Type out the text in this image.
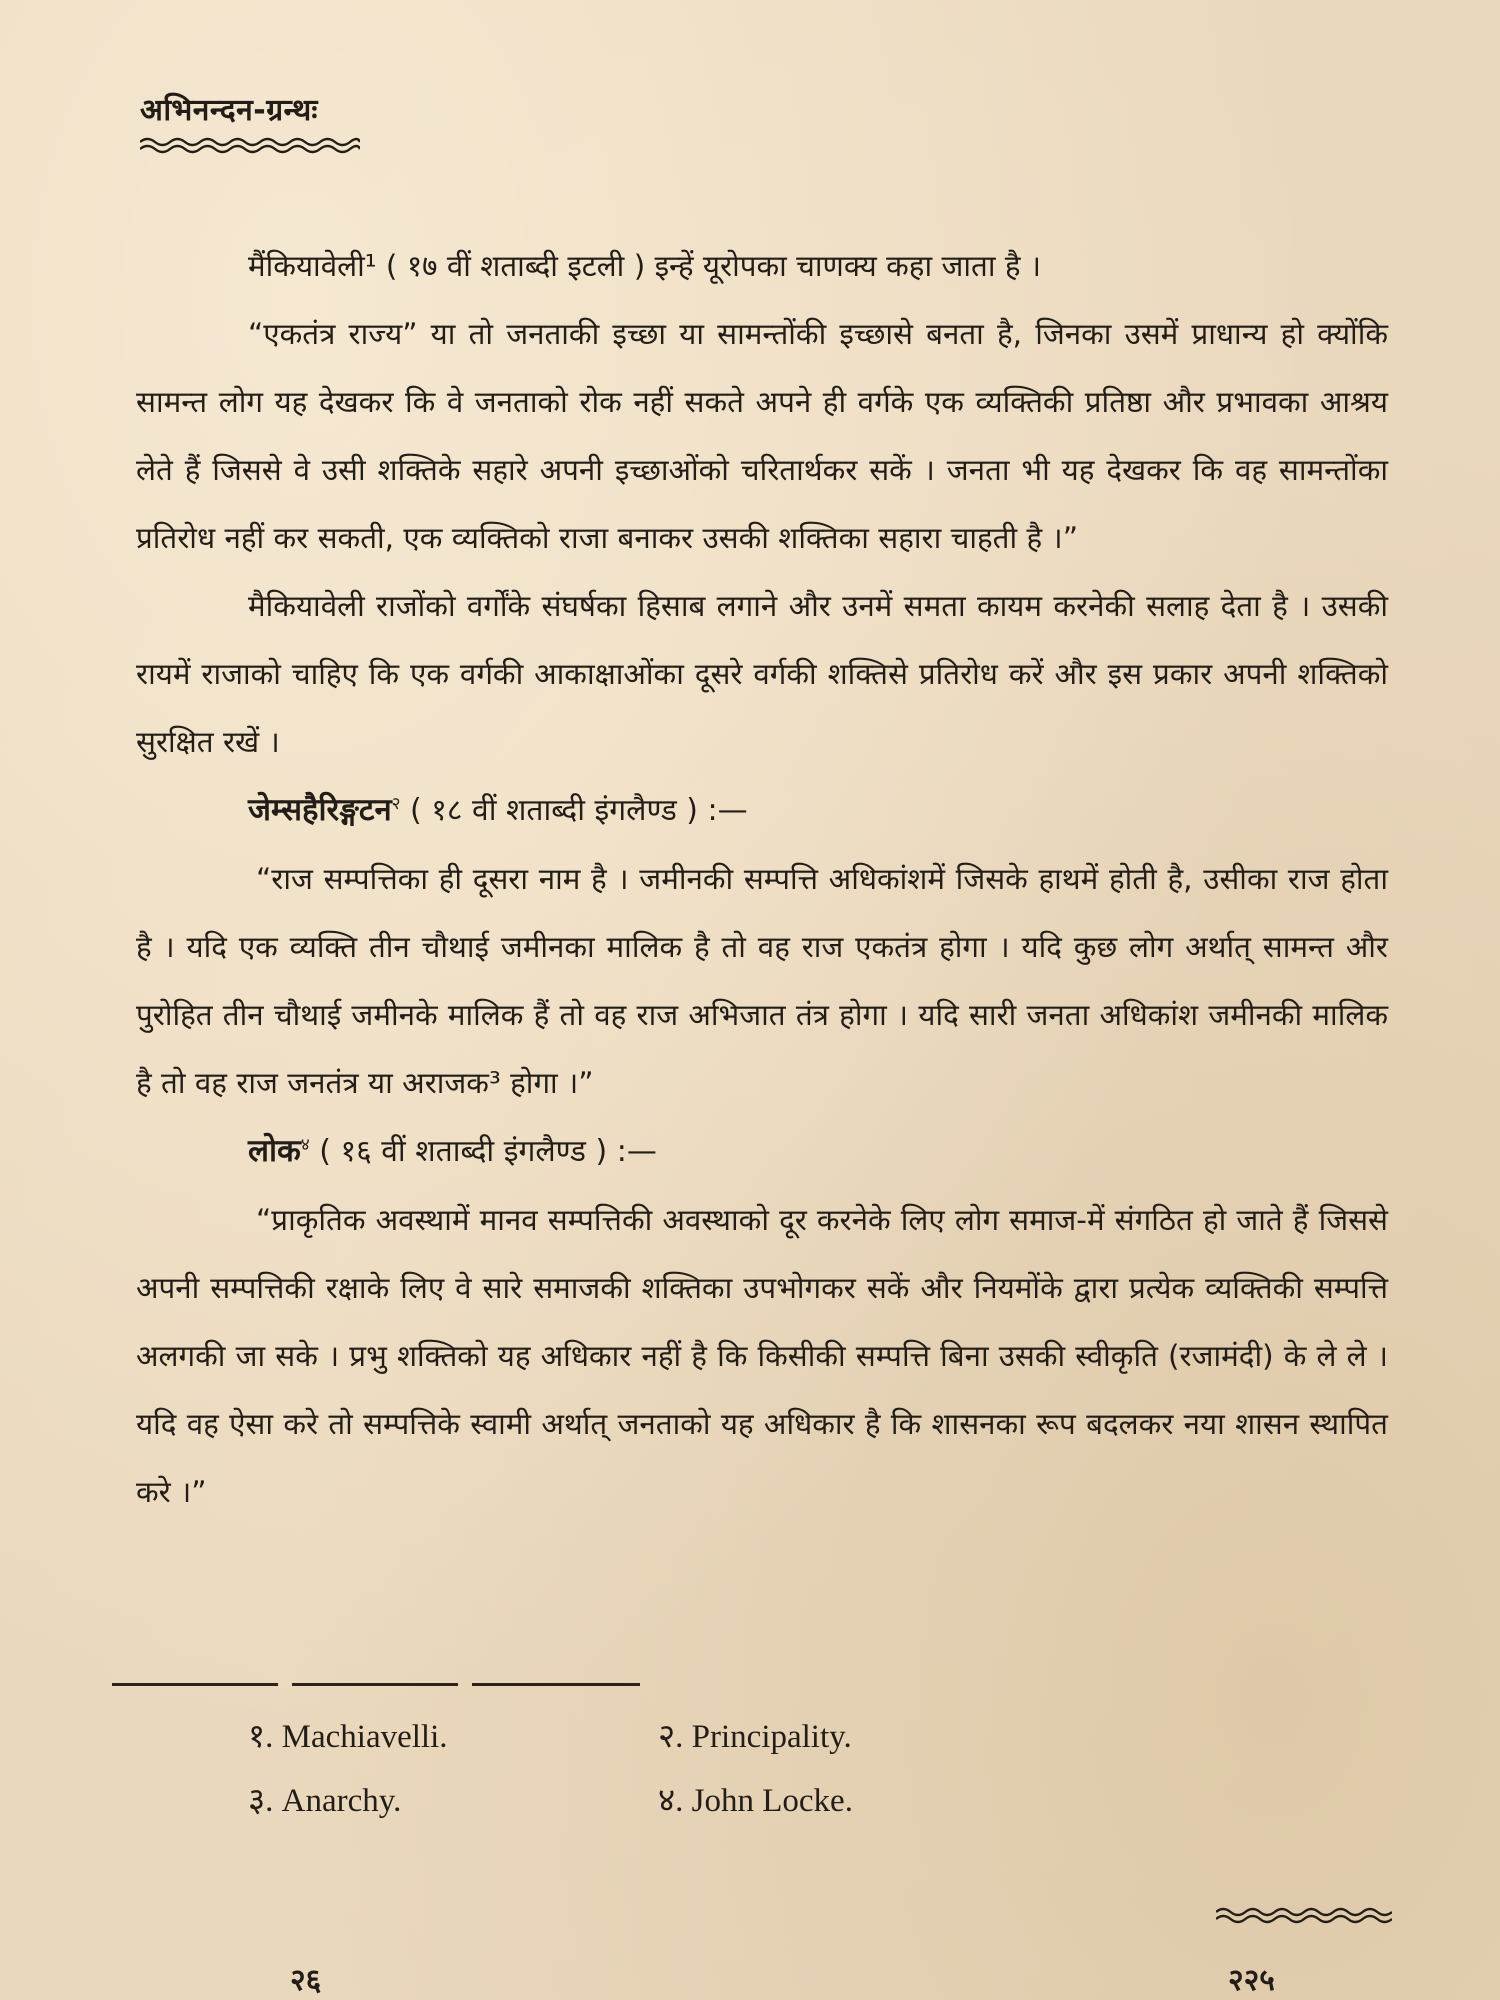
अभिनन्दन-ग्रन्थः

मैंकियावेली¹ ( १७ वीं शताब्दी इटली ) इन्हें यूरोपका चाणक्य कहा जाता है ।

“एकतंत्र राज्य” या तो जनताकी इच्छा या सामन्तोंकी इच्छासे बनता है, जिनका उसमें प्राधान्य हो क्योंकि सामन्त लोग यह देखकर कि वे जनताको रोक नहीं सकते अपने ही वर्गके एक व्यक्तिकी प्रतिष्ठा और प्रभावका आश्रय लेते हैं जिससे वे उसी शक्तिके सहारे अपनी इच्छाओंको चरितार्थकर सकें । जनता भी यह देखकर कि वह सामन्तोंका प्रतिरोध नहीं कर सकती, एक व्यक्तिको राजा बनाकर उसकी शक्तिका सहारा चाहती है ।”

मैकियावेली राजोंको वर्गोंके संघर्षका हिसाब लगाने और उनमें समता कायम करनेकी सलाह देता है । उसकी रायमें राजाको चाहिए कि एक वर्गकी आकाक्षाओंका दूसरे वर्गकी शक्तिसे प्रतिरोध करें और इस प्रकार अपनी शक्तिको सुरक्षित रखें ।

जेम्सहैरिङ्गटन$^२$ ( १८ वीं शताब्दी इंगलैण्ड ) :—

“राज सम्पत्तिका ही दूसरा नाम है । जमीनकी सम्पत्ति अधिकांशमें जिसके हाथमें होती है, उसीका राज होता है । यदि एक व्यक्ति तीन चौथाई जमीनका मालिक है तो वह राज एकतंत्र होगा । यदि कुछ लोग अर्थात् सामन्त और पुरोहित तीन चौथाई जमीनके मालिक हैं तो वह राज अभिजात तंत्र होगा । यदि सारी जनता अधिकांश जमीनकी मालिक है तो वह राज जनतंत्र या अराजक³ होगा ।”

लोक$^४$ ( १६ वीं शताब्दी इंगलैण्ड ) :—

“प्राकृतिक अवस्थामें मानव सम्पत्तिकी अवस्थाको दूर करनेके लिए लोग समाज-में संगठित हो जाते हैं जिससे अपनी सम्पत्तिकी रक्षाके लिए वे सारे समाजकी शक्तिका उपभोगकर सकें और नियमोंके द्वारा प्रत्येक व्यक्तिकी सम्पत्ति अलगकी जा सके । प्रभु शक्तिको यह अधिकार नहीं है कि किसीकी सम्पत्ति बिना उसकी स्वीकृति (रजामंदी) के ले ले । यदि वह ऐसा करे तो सम्पत्तिके स्वामी अर्थात् जनताको यह अधिकार है कि शासनका रूप बदलकर नया शासन स्थापित करे ।”

१. Machiavelli.	२. Principality.
३. Anarchy.	४. John Locke.
२६	२२५
